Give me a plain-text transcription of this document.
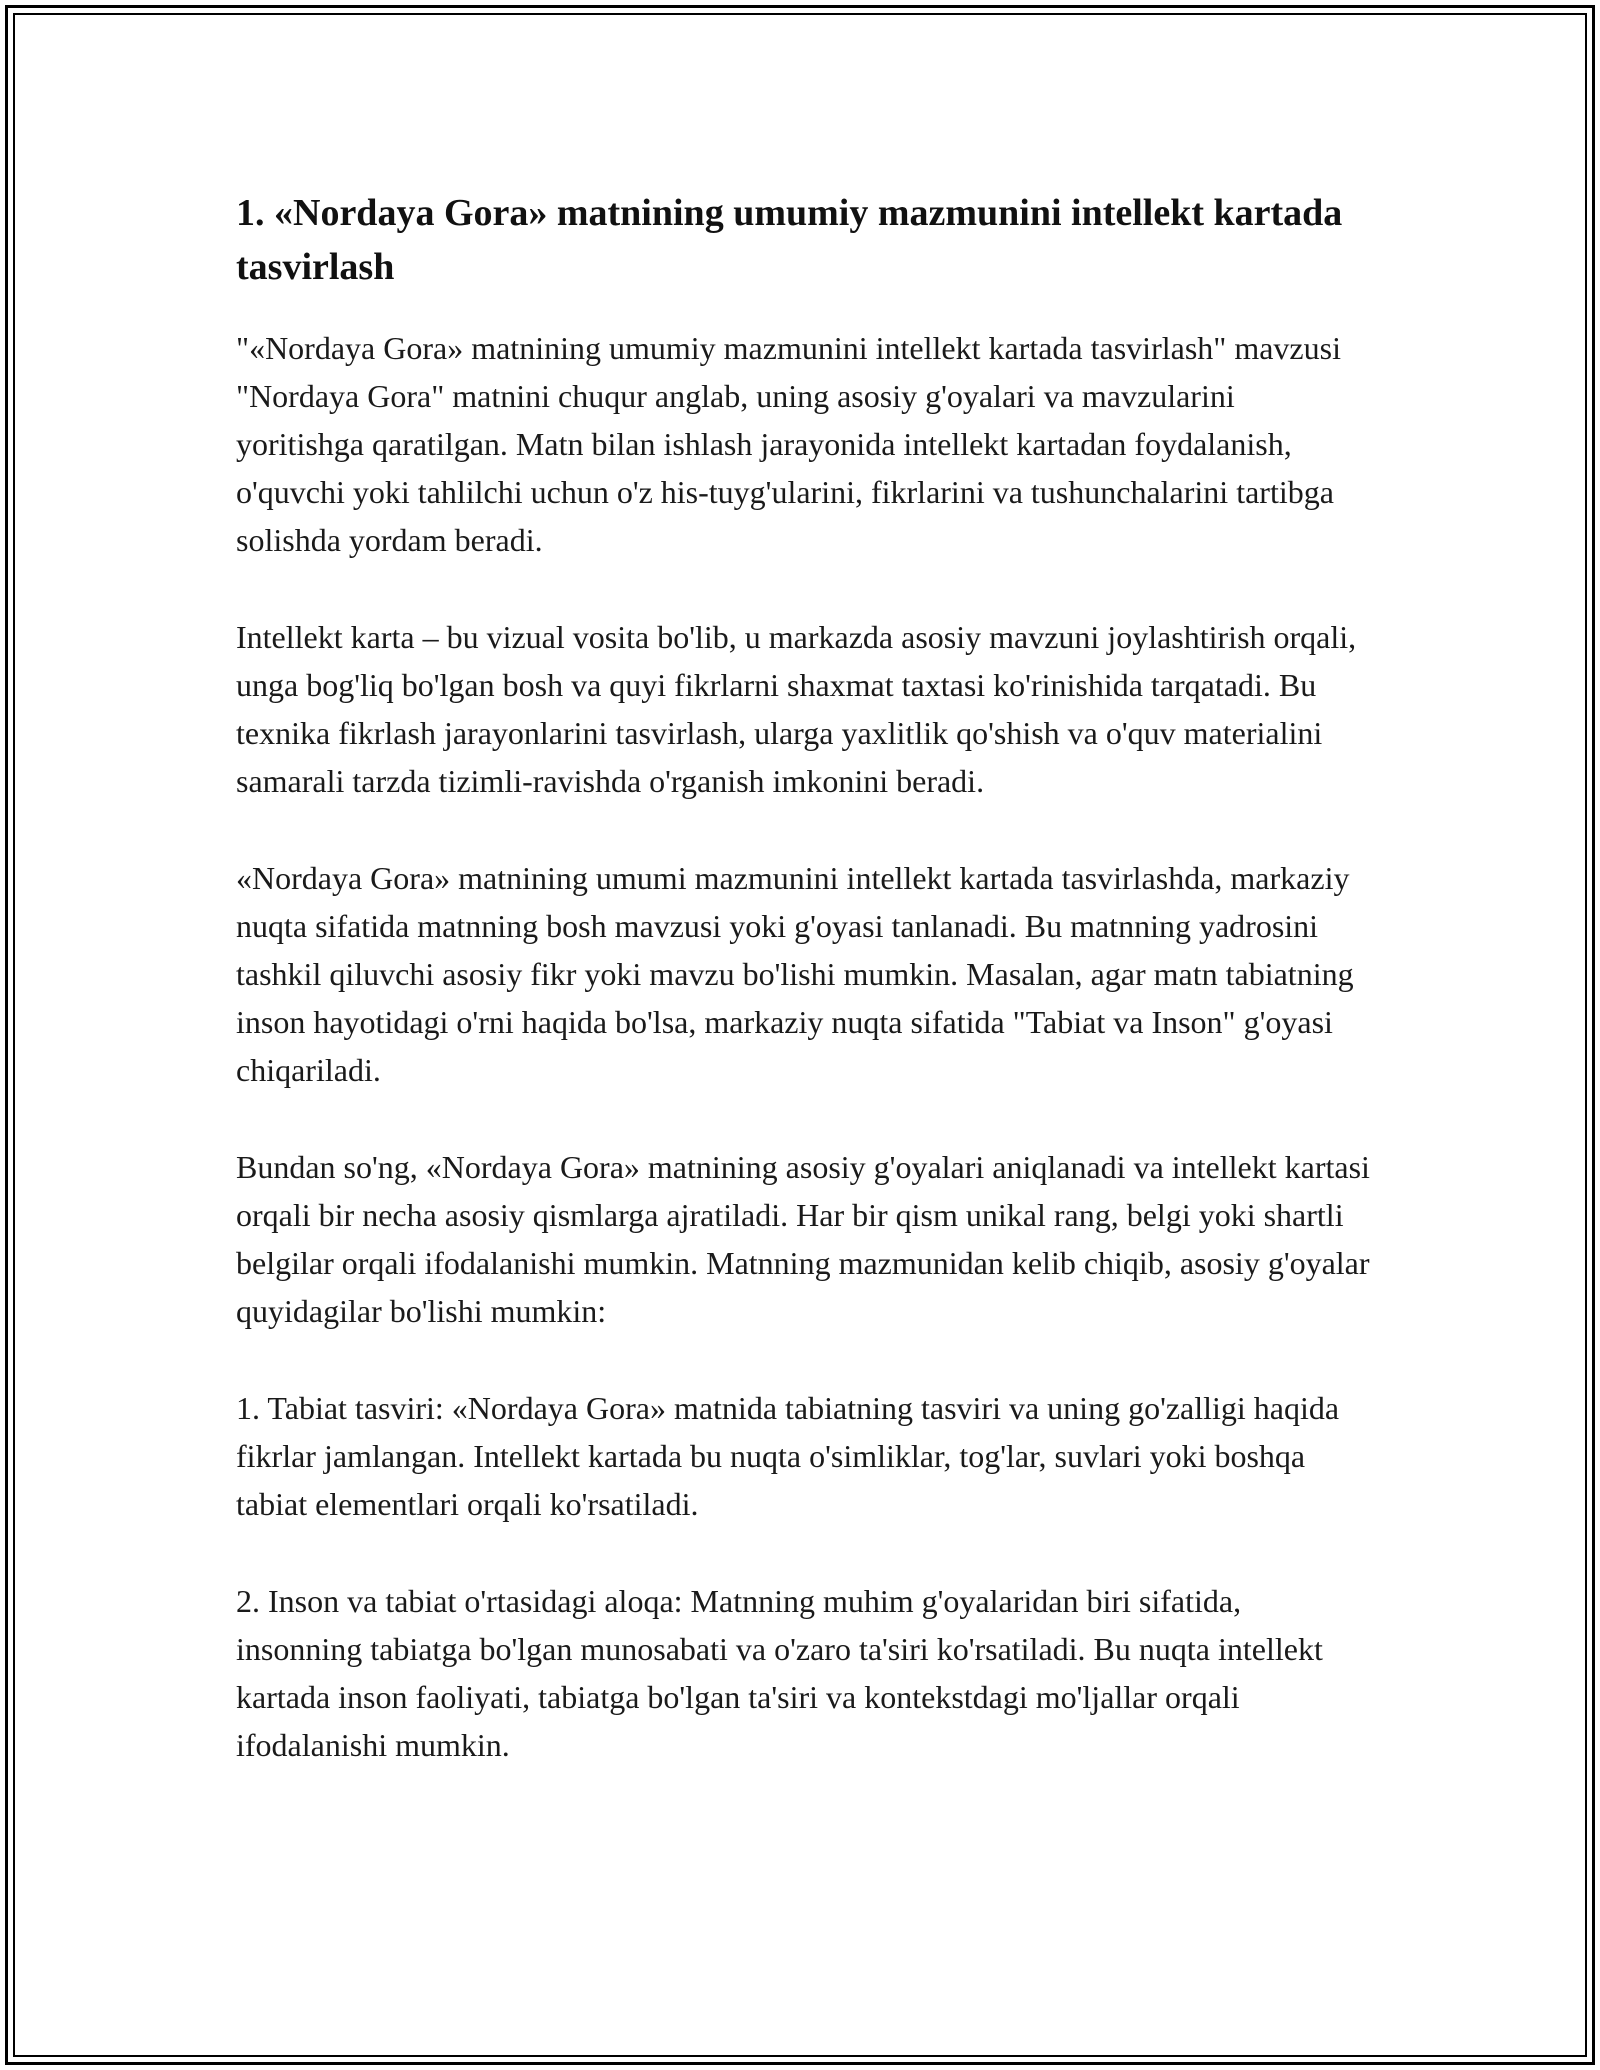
1. «Nordaya Gora» matnining umumiy mazmunini intellekt kartada tasvirlash

"«Nordaya Gora» matnining umumiy mazmunini intellekt kartada tasvirlash" mavzusi "Nordaya Gora" matnini chuqur anglab, uning asosiy g'oyalari va mavzularini yoritishga qaratilgan. Matn bilan ishlash jarayonida intellekt kartadan foydalanish, o'quvchi yoki tahlilchi uchun o'z his-tuyg'ularini, fikrlarini va tushunchalarini tartibga solishda yordam beradi.

Intellekt karta – bu vizual vosita bo'lib, u markazda asosiy mavzuni joylashtirish orqali, unga bog'liq bo'lgan bosh va quyi fikrlarni shaxmat taxtasi ko'rinishida tarqatadi. Bu texnika fikrlash jarayonlarini tasvirlash, ularga yaxlitlik qo'shish va o'quv materialini samarali tarzda tizimli-ravishda o'rganish imkonini beradi.

«Nordaya Gora» matnining umumi mazmunini intellekt kartada tasvirlashda, markaziy nuqta sifatida matnning bosh mavzusi yoki g'oyasi tanlanadi. Bu matnning yadrosini tashkil qiluvchi asosiy fikr yoki mavzu bo'lishi mumkin. Masalan, agar matn tabiatning inson hayotidagi o'rni haqida bo'lsa, markaziy nuqta sifatida "Tabiat va Inson" g'oyasi chiqariladi.

Bundan so'ng, «Nordaya Gora» matnining asosiy g'oyalari aniqlanadi va intellekt kartasi orqali bir necha asosiy qismlarga ajratiladi. Har bir qism unikal rang, belgi yoki shartli belgilar orqali ifodalanishi mumkin. Matnning mazmunidan kelib chiqib, asosiy g'oyalar quyidagilar bo'lishi mumkin:

1. Tabiat tasviri: «Nordaya Gora» matnida tabiatning tasviri va uning go'zalligi haqida fikrlar jamlangan. Intellekt kartada bu nuqta o'simliklar, tog'lar, suvlari yoki boshqa tabiat elementlari orqali ko'rsatiladi.

2. Inson va tabiat o'rtasidagi aloqa: Matnning muhim g'oyalaridan biri sifatida, insonning tabiatga bo'lgan munosabati va o'zaro ta'siri ko'rsatiladi. Bu nuqta intellekt kartada inson faoliyati, tabiatga bo'lgan ta'siri va kontekstdagi mo'ljallar orqali ifodalanishi mumkin.
